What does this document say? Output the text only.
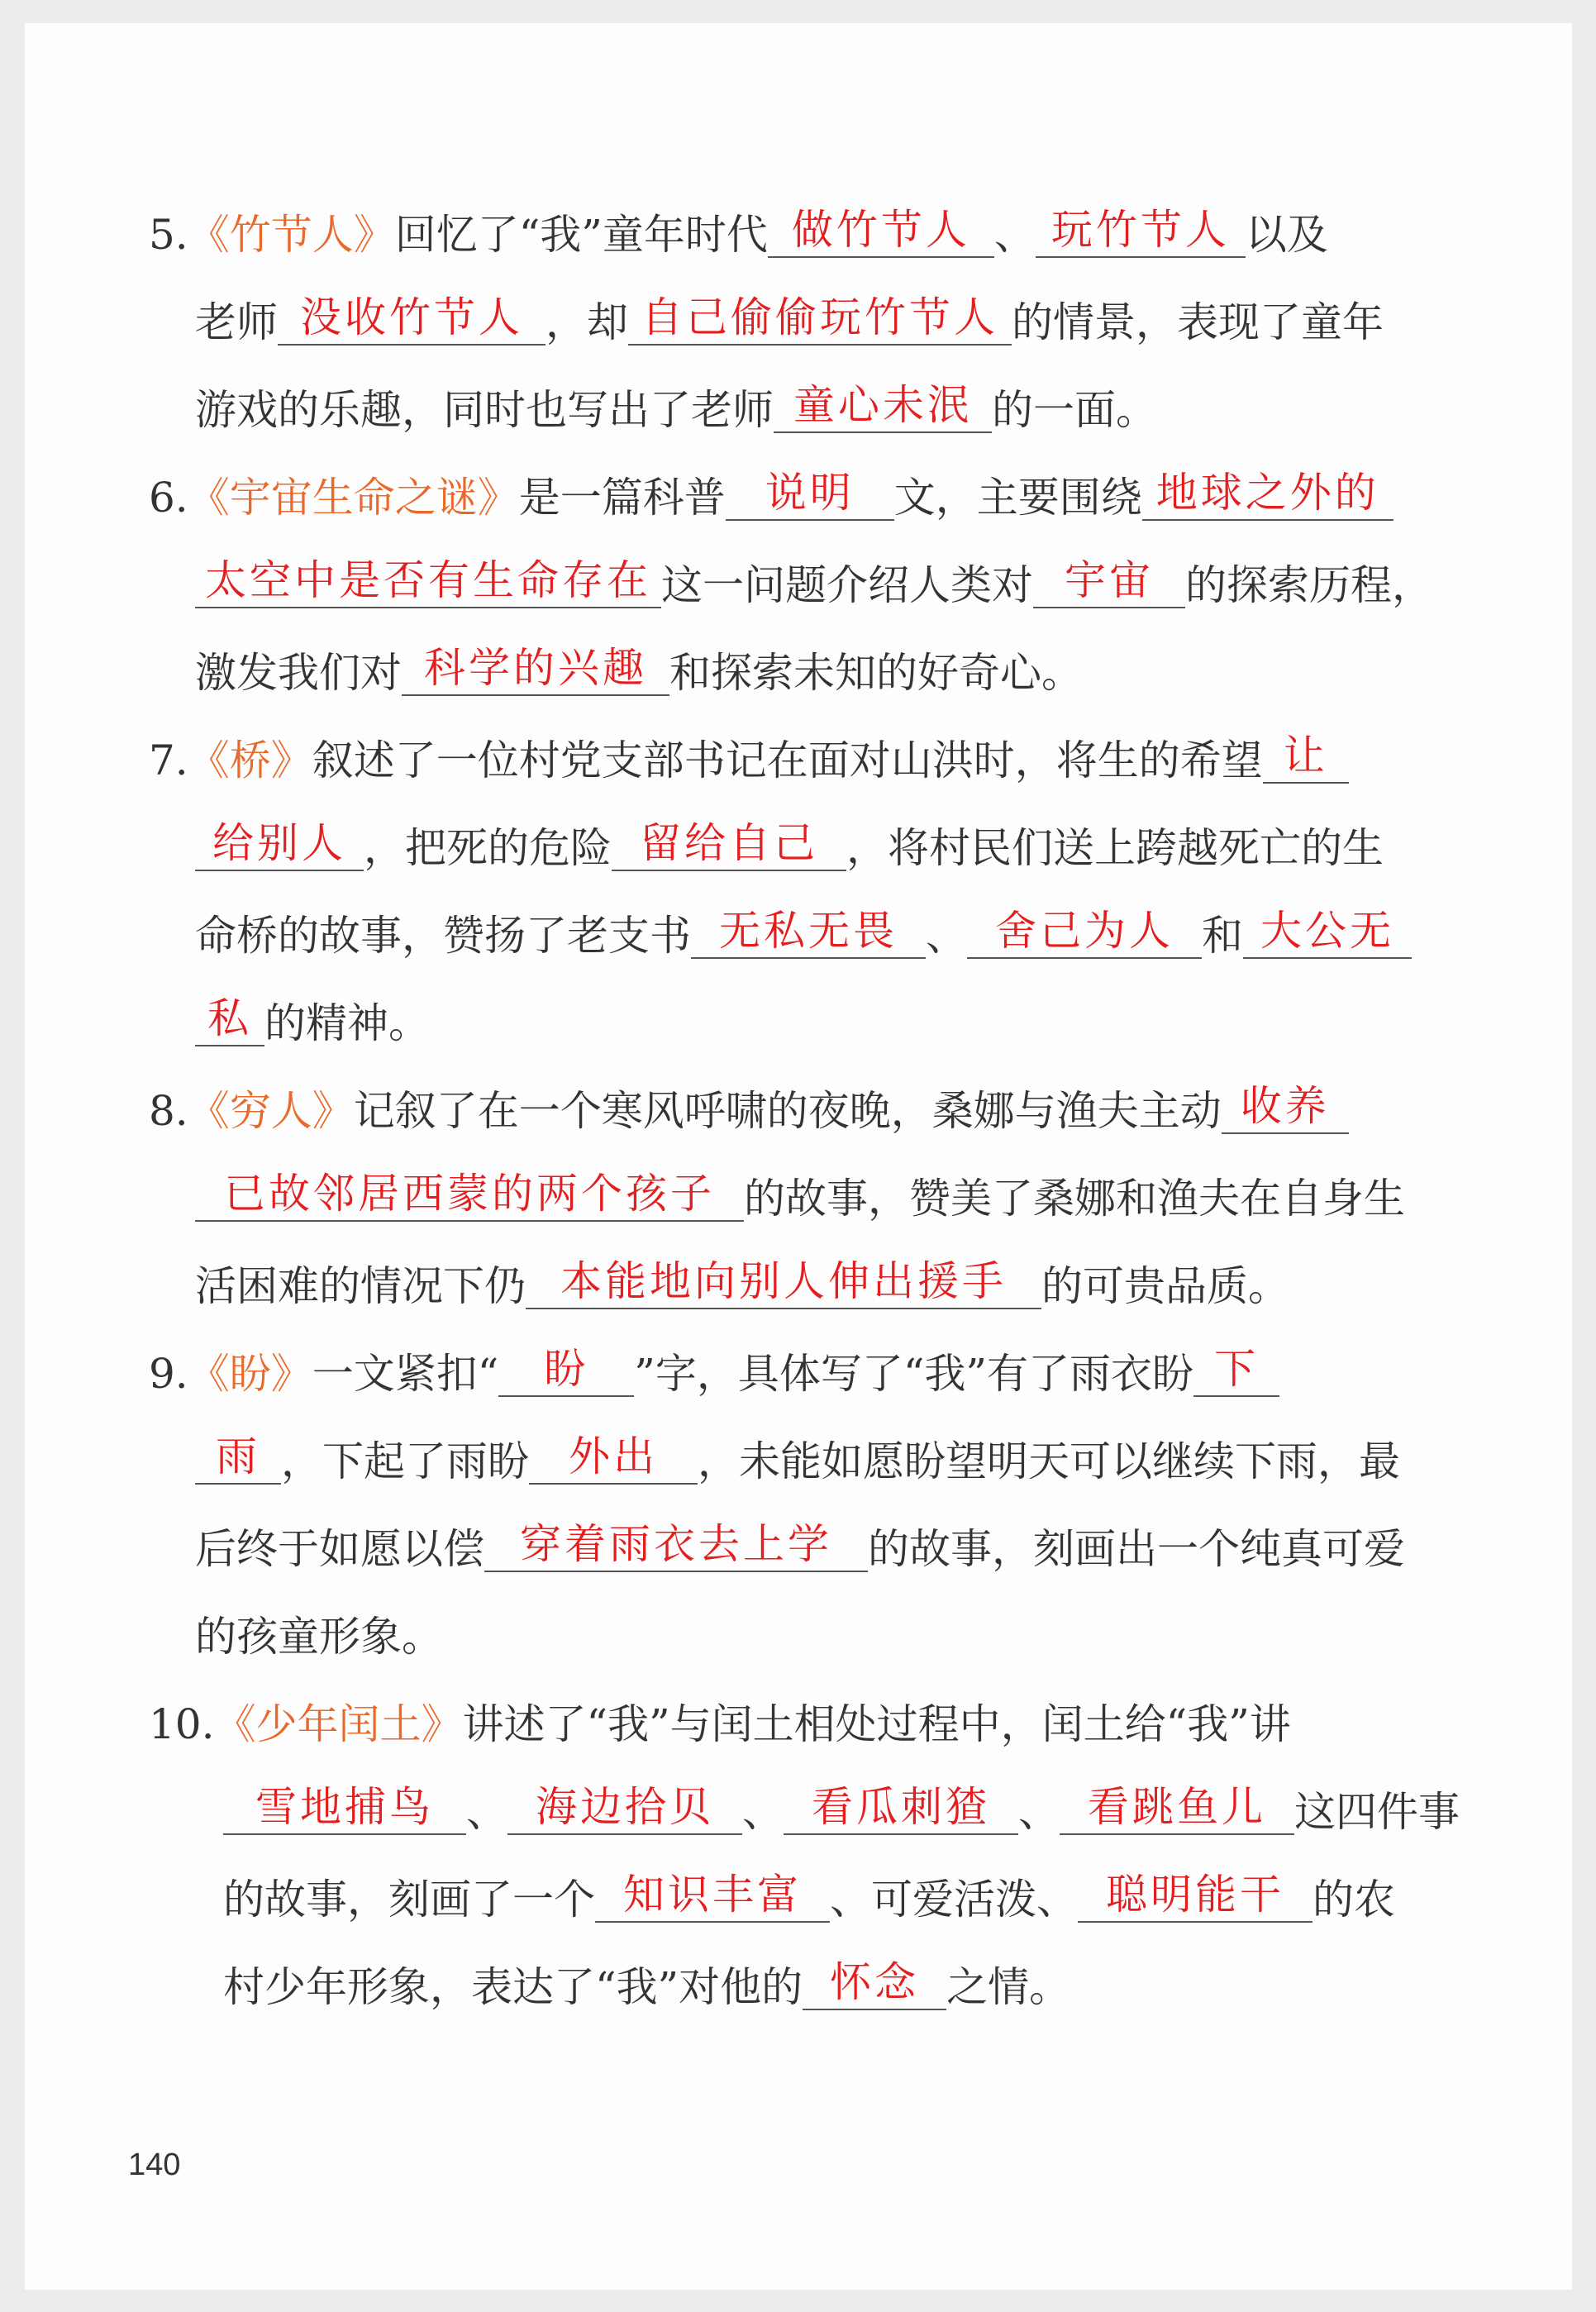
5.《竹节人》回忆了“我”童年时代 做竹节人 、 玩竹节人 以及
老师 没收竹节人 ，却 自己偷偷玩竹节人 的情景，表现了童年
游戏的乐趣，同时也写出了老师 童心未泯 的一面。
6.《宇宙生命之谜》是一篇科普 说明 文，主要围绕 地球之外的
太空中是否有生命存在 这一问题介绍人类对 宇宙 的探索历程，
激发我们对 科学的兴趣 和探索未知的好奇心。
7.《桥》叙述了一位村党支部书记在面对山洪时，将生的希望 让
给别人 ，把死的危险 留给自己 ，将村民们送上跨越死亡的生
命桥的故事，赞扬了老支书 无私无畏 、 舍己为人 和 大公无
私 的精神。
8.《穷人》记叙了在一个寒风呼啸的夜晚，桑娜与渔夫主动 收养
已故邻居西蒙的两个孩子 的故事，赞美了桑娜和渔夫在自身生
活困难的情况下仍 本能地向别人伸出援手 的可贵品质。
9.《盼》一文紧扣“ 盼 ”字，具体写了“我”有了雨衣盼 下
雨 ，下起了雨盼 外出 ，未能如愿盼望明天可以继续下雨，最
后终于如愿以偿 穿着雨衣去上学 的故事，刻画出一个纯真可爱
的孩童形象。
10.《少年闰土》讲述了“我”与闰土相处过程中，闰土给“我”讲
雪地捕鸟 、 海边拾贝 、 看瓜刺猹 、 看跳鱼儿 这四件事
的故事，刻画了一个 知识丰富 、可爱活泼、 聪明能干 的农
村少年形象，表达了“我”对他的 怀念 之情。
140
